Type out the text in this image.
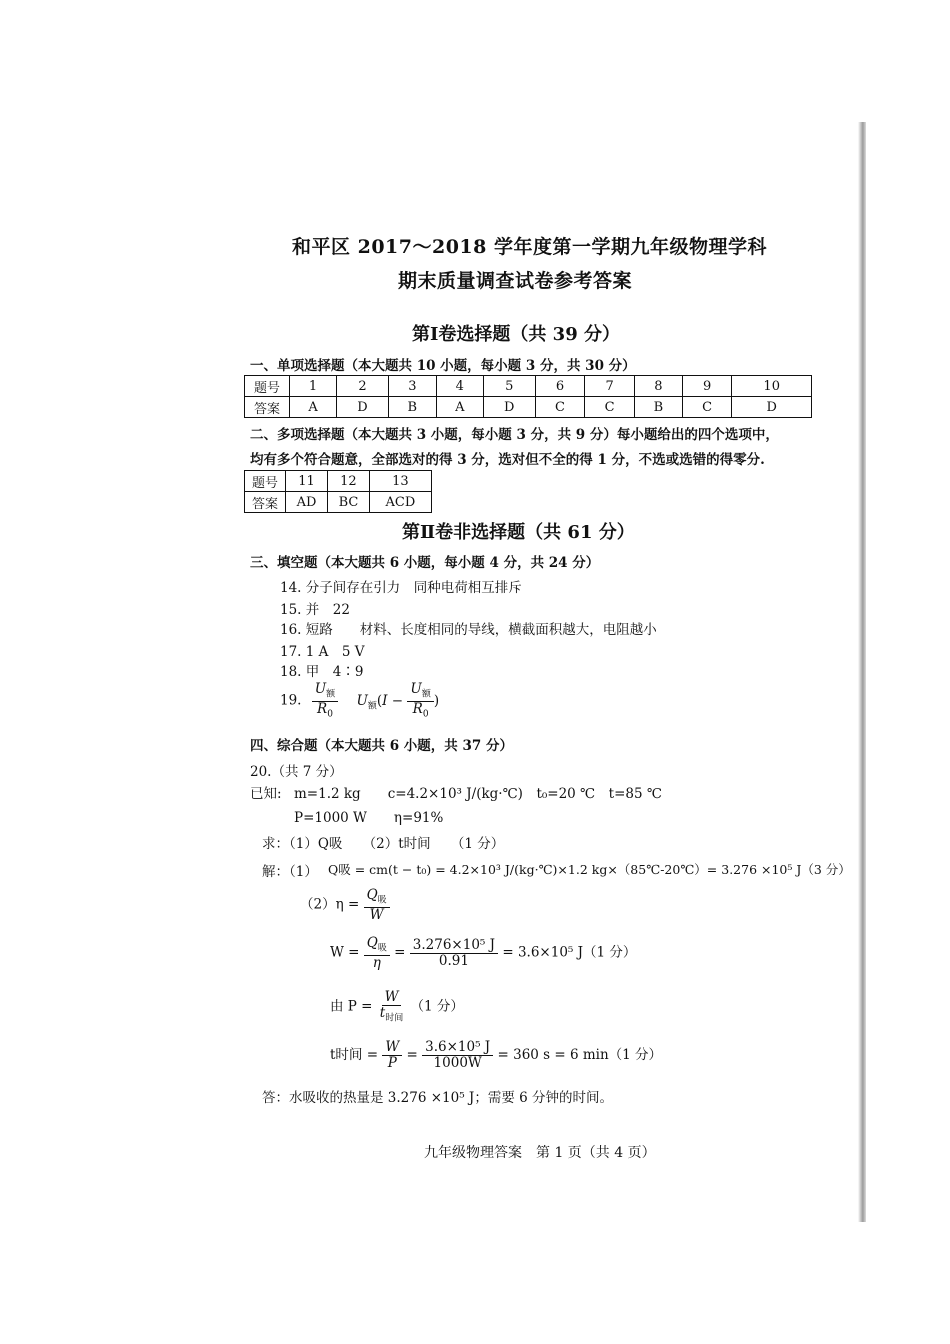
和平区 2017～2018 学年度第一学期九年级物理学科
期末质量调查试卷参考答案
第Ⅰ卷选择题（共 39 分）
一、单项选择题（本大题共 10 小题，每小题 3 分，共 30 分）
题号	1	2	3	4	5	6	7	8	9	10
答案	A	D	B	A	D	C	C	B	C	D
二、多项选择题（本大题共 3 小题，每小题 3 分，共 9 分）每小题给出的四个选项中，
均有多个符合题意，全部选对的得 3 分，选对但不全的得 1 分，不选或选错的得零分.
题号	11	12	13
答案	AD	BC	ACD
第Ⅱ卷非选择题（共 61 分）
三、填空题（本大题共 6 小题，每小题 4 分，共 24 分）
14. 分子间存在引力　同种电荷相互排斥
15. 并　22
16. 短路　　材料、长度相同的导线，横截面积越大，电阻越小
17. 1 A　5 V
18. 甲　4∶9
19. $\frac{U_额}{R_0} U_额(I - \frac{U_额}{R_0}$ )
四、综合题（本大题共 6 小题，共 37 分）
20.（共 7 分）
已知: m=1.2 kg　　c=4.2×10³ J/(kg·℃)　t₀=20 ℃　t=85 ℃
P=1000 W　　η=91%
求：（1）Q吸　　（2）t时间　　（1 分）
解：（1） Q吸 = cm(t − t₀) = 4.2×10³ J/(kg·℃)×1.2 kg×（85℃-20℃）= 3.276 ×10⁵ J（3 分）
$(2)\eta = \frac{Q_吸}{W}$
$W = \frac{Q_吸}{\eta} = \frac{\text{3.276×10⁵ J}}{0.91} = 3.6\times 10^5$ J（1 分）
由 $P = \frac{W}{t_{时间}} (1$ 分）
t时间 = $\frac{W}{P} = \frac{\text{3.6×10⁵ J}}{1000W} = 360$ s = 6 min（1 分）
答：水吸收的热量是 3.276 ×10⁵ J；需要 6 分钟的时间。
九年级物理答案　第 1 页（共 4 页）
